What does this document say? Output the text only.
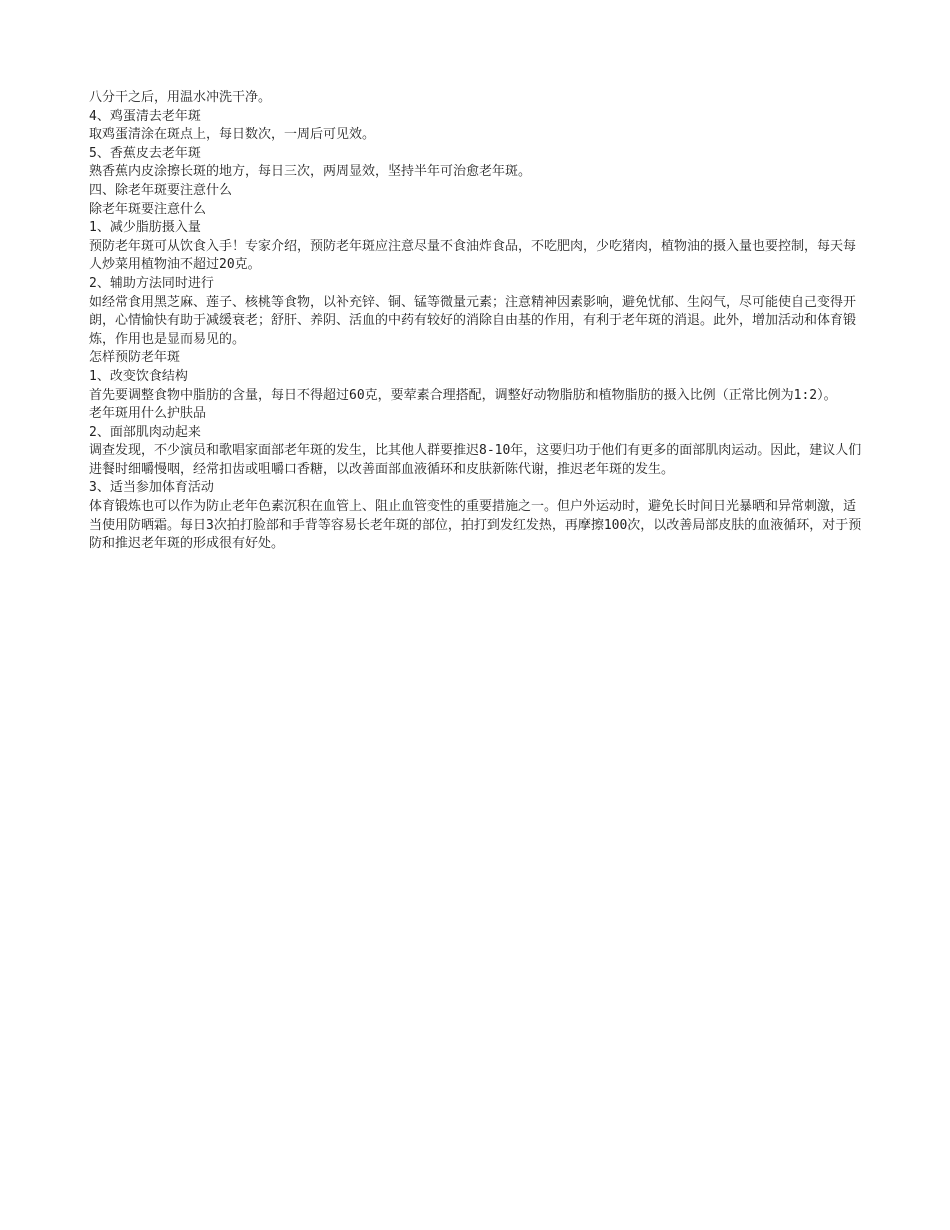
八分干之后，用温水冲洗干净。

4、鸡蛋清去老年斑

取鸡蛋清涂在斑点上，每日数次，一周后可见效。

5、香蕉皮去老年斑

熟香蕉内皮涂擦长斑的地方，每日三次，两周显效，坚持半年可治愈老年斑。

四、除老年斑要注意什么

除老年斑要注意什么

1、减少脂肪摄入量

预防老年斑可从饮食入手！专家介绍，预防老年斑应注意尽量不食油炸食品，不吃肥肉，少吃猪肉，植物油的摄入量也要控制，每天每人炒菜用植物油不超过20克。

2、辅助方法同时进行

如经常食用黑芝麻、莲子、核桃等食物，以补充锌、铜、锰等微量元素；注意精神因素影响，避免忧郁、生闷气，尽可能使自己变得开朗，心情愉快有助于减缓衰老；舒肝、养阴、活血的中药有较好的消除自由基的作用，有利于老年斑的消退。此外，增加活动和体育锻炼，作用也是显而易见的。

怎样预防老年斑

1、改变饮食结构

首先要调整食物中脂肪的含量，每日不得超过60克，要荤素合理搭配，调整好动物脂肪和植物脂肪的摄入比例（正常比例为1:2）。

老年斑用什么护肤品

2、面部肌肉动起来

调查发现，不少演员和歌唱家面部老年斑的发生，比其他人群要推迟8-10年，这要归功于他们有更多的面部肌肉运动。因此，建议人们进餐时细嚼慢咽，经常扣齿或咀嚼口香糖，以改善面部血液循环和皮肤新陈代谢，推迟老年斑的发生。

3、适当参加体育活动

体育锻炼也可以作为防止老年色素沉积在血管上、阻止血管变性的重要措施之一。但户外运动时，避免长时间日光暴晒和异常刺激，适当使用防晒霜。每日3次拍打脸部和手背等容易长老年斑的部位，拍打到发红发热，再摩擦100次，以改善局部皮肤的血液循环，对于预防和推迟老年斑的形成很有好处。
